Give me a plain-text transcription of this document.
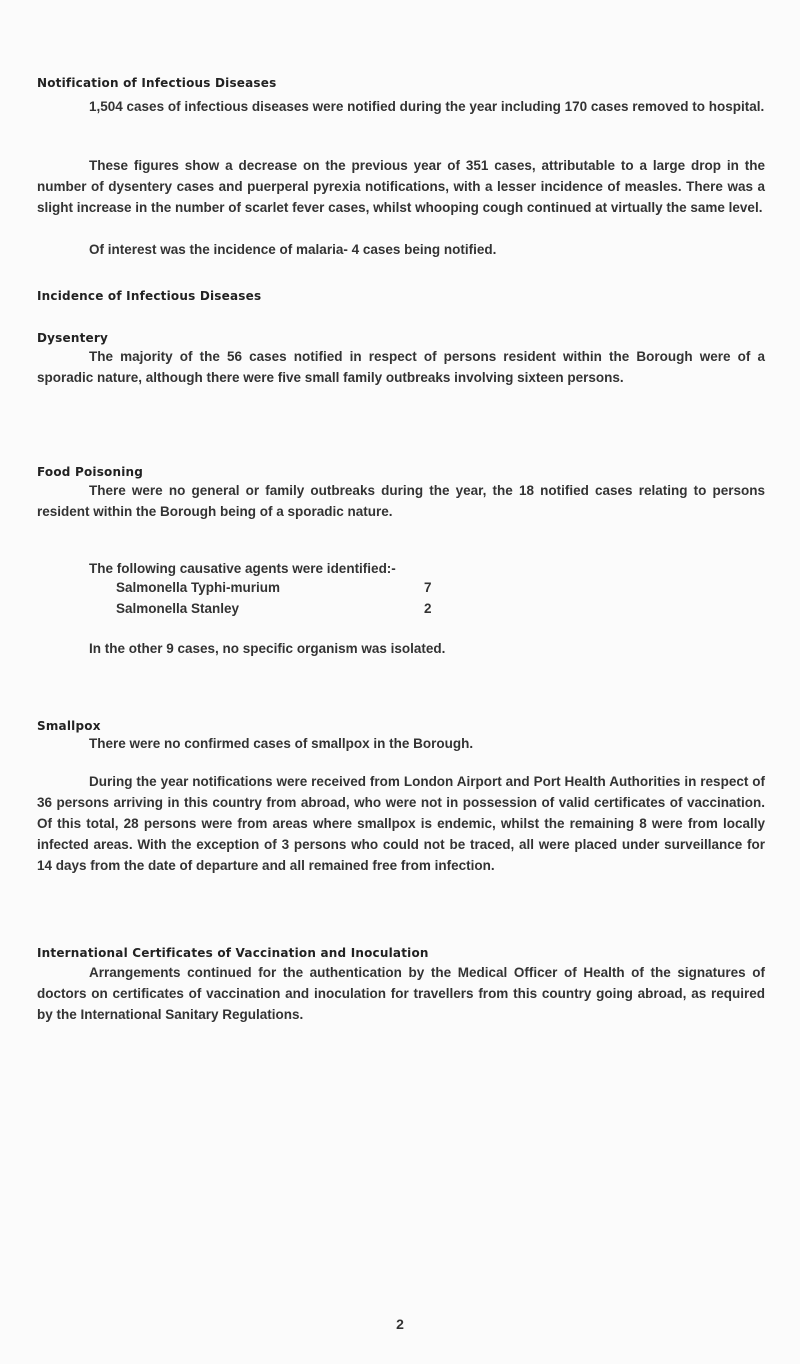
Notification of Infectious Diseases
1,504 cases of infectious diseases were notified during the year including 170 cases removed to hospital.
These figures show a decrease on the previous year of 351 cases, attributable to a large drop in the number of dysentery cases and puerperal pyrexia notifications, with a lesser incidence of measles. There was a slight increase in the number of scarlet fever cases, whilst whooping cough continued at virtually the same level.
Of interest was the incidence of malaria- 4 cases being notified.
Incidence of Infectious Diseases
Dysentery
The majority of the 56 cases notified in respect of persons resident within the Borough were of a sporadic nature, although there were five small family outbreaks involving sixteen persons.
Food Poisoning
There were no general or family outbreaks during the year, the 18 notified cases relating to persons resident within the Borough being of a sporadic nature.
The following causative agents were identified:-
Salmonella Typhi-murium	7
Salmonella Stanley	2
In the other 9 cases, no specific organism was isolated.
Smallpox
There were no confirmed cases of smallpox in the Borough.
During the year notifications were received from London Airport and Port Health Authorities in respect of 36 persons arriving in this country from abroad, who were not in possession of valid certificates of vaccination. Of this total, 28 persons were from areas where smallpox is endemic, whilst the remaining 8 were from locally infected areas. With the exception of 3 persons who could not be traced, all were placed under surveillance for 14 days from the date of departure and all remained free from infection.
International Certificates of Vaccination and Inoculation
Arrangements continued for the authentication by the Medical Officer of Health of the signatures of doctors on certificates of vaccination and inoculation for travellers from this country going abroad, as required by the International Sanitary Regulations.
2
